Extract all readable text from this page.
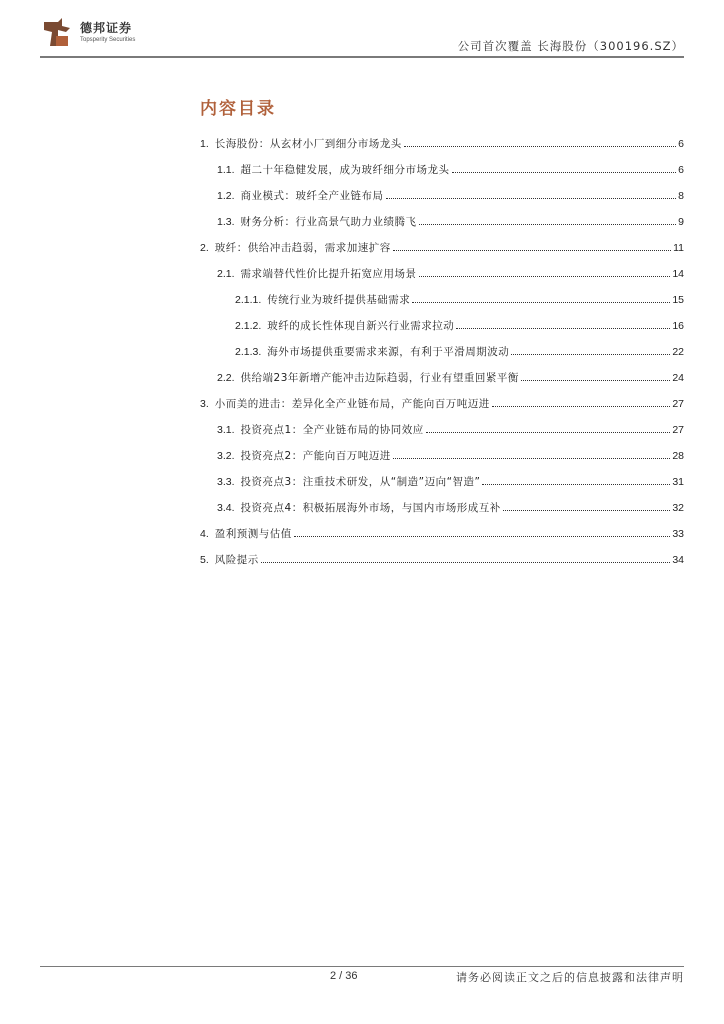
德邦证券
Topsperity Securities	公司首次覆盖 长海股份（300196.SZ）
内容目录
1. 长海股份：从玄材小厂到细分市场龙头	6
1.1. 超二十年稳健发展，成为玻纤细分市场龙头	6
1.2. 商业模式：玻纤全产业链布局	8
1.3. 财务分析：行业高景气助力业绩腾飞	9
2. 玻纤：供给冲击趋弱，需求加速扩容	11
2.1. 需求端替代性价比提升拓宽应用场景	14
2.1.1. 传统行业为玻纤提供基础需求	15
2.1.2. 玻纤的成长性体现自新兴行业需求拉动	16
2.1.3. 海外市场提供重要需求来源，有利于平滑周期波动	22
2.2. 供给端23年新增产能冲击边际趋弱，行业有望重回紧平衡	24
3. 小而美的进击：差异化全产业链布局，产能向百万吨迈进	27
3.1. 投资亮点1：全产业链布局的协同效应	27
3.2. 投资亮点2：产能向百万吨迈进	28
3.3. 投资亮点3：注重技术研发，从“制造”迈向“智造”	31
3.4. 投资亮点4：积极拓展海外市场，与国内市场形成互补	32
4. 盈利预测与估值	33
5. 风险提示	34
2 / 36	请务必阅读正文之后的信息披露和法律声明
